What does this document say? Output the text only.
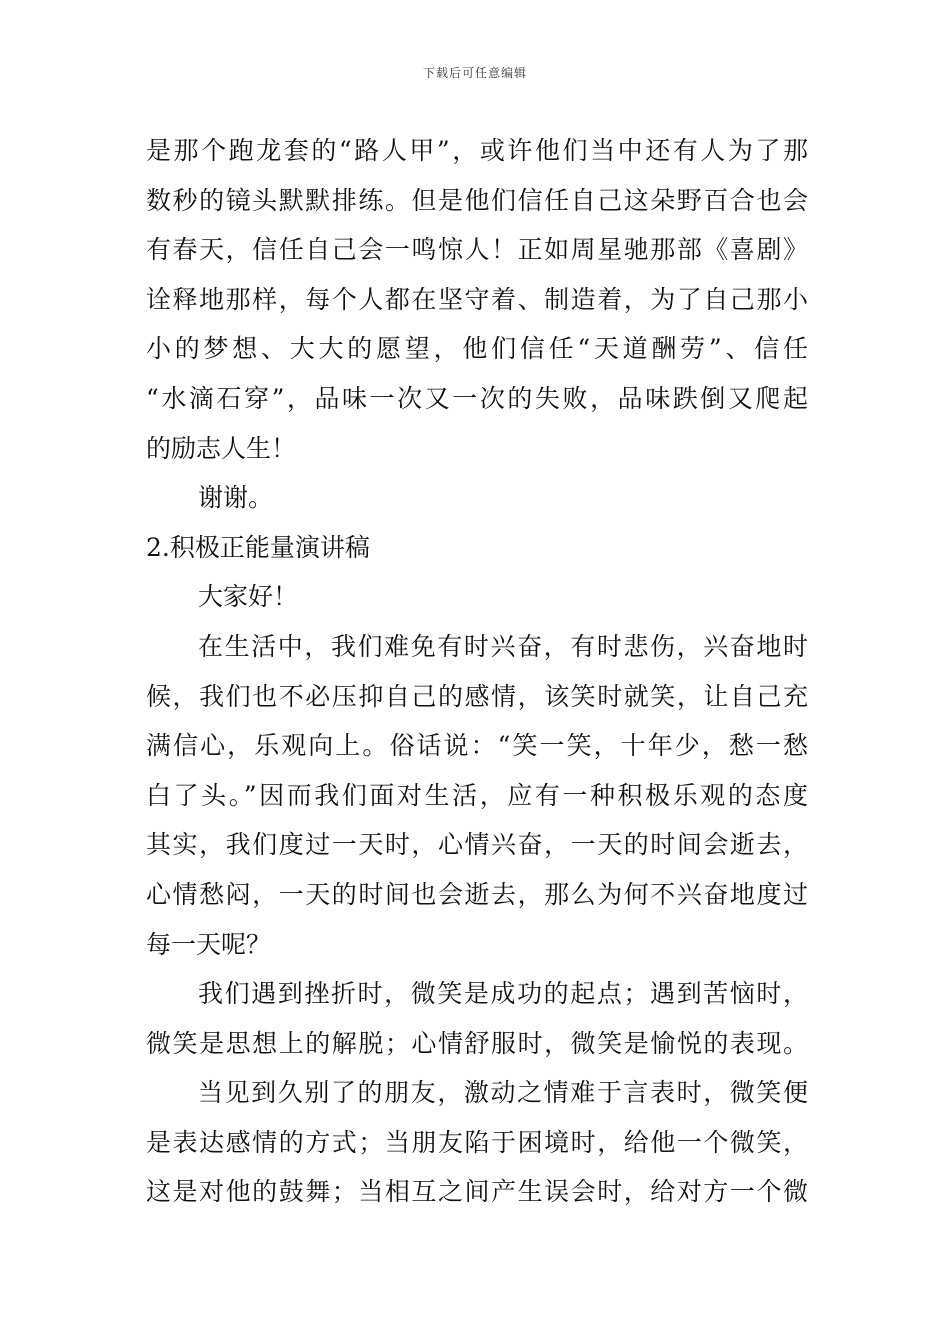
下载后可任意编辑
是那个跑龙套的“路人甲”，或许他们当中还有人为了那
数秒的镜头默默排练。但是他们信任自己这朵野百合也会
有春天，信任自己会一鸣惊人！正如周星驰那部《喜剧》
诠释地那样，每个人都在坚守着、制造着，为了自己那小
小的梦想、大大的愿望，他们信任“天道酬劳”、信任
“水滴石穿”，品味一次又一次的失败，品味跌倒又爬起
的励志人生！
谢谢。
2.积极正能量演讲稿
大家好！
在生活中，我们难免有时兴奋，有时悲伤，兴奋地时
候，我们也不必压抑自己的感情，该笑时就笑，让自己充
满信心，乐观向上。俗话说：“笑一笑，十年少，愁一愁
白了头。”因而我们面对生活，应有一种积极乐观的态度
其实，我们度过一天时，心情兴奋，一天的时间会逝去，
心情愁闷，一天的时间也会逝去，那么为何不兴奋地度过
每一天呢？
我们遇到挫折时，微笑是成功的起点；遇到苦恼时，
微笑是思想上的解脱；心情舒服时，微笑是愉悦的表现。
当见到久别了的朋友，激动之情难于言表时，微笑便
是表达感情的方式；当朋友陷于困境时，给他一个微笑，
这是对他的鼓舞；当相互之间产生误会时，给对方一个微
